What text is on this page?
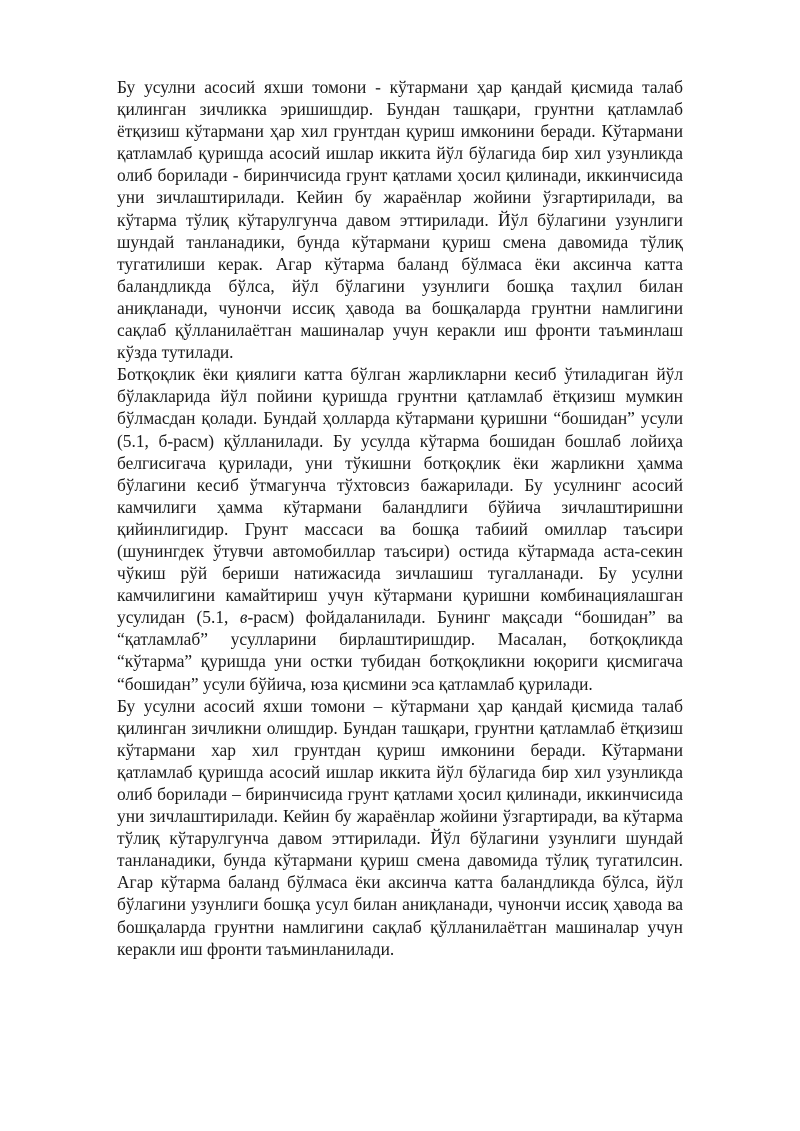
Бу усулни асосий яхши томони - кўтармани ҳар қандай қисмида талаб қилинган зичликка эришишдир. Бундан ташқари, грунтни қатламлаб ётқизиш кўтармани ҳар хил грунтдан қуриш имконини беради. Кўтармани қатламлаб қуришда асосий ишлар иккита йўл бўлагида бир хил узунликда олиб борилади - биринчисида грунт қатлами ҳосил қилинади, иккинчисида уни зичлаштирилади. Кейин бу жараёнлар жойини ўзгартирилади, ва кўтарма тўлиқ кўтарулгунча давом эттирилади. Йўл бўлагини узунлиги шундай танланадики, бунда кўтармани қуриш смена давомида тўлиқ тугатилиши керак. Агар кўтарма баланд бўлмаса ёки аксинча катта баландликда бўлса, йўл бўлагини узунлиги бошқа таҳлил билан аниқланади, чунончи иссиқ ҳавода ва бошқаларда грунтни намлигини сақлаб қўлланилаётган машиналар учун керакли иш фронти таъминлаш кўзда тутилади.

Ботқоқлик ёки қиялиги катта бўлган жарликларни кесиб ўтиладиган йўл бўлакларида йўл пойини қуришда грунтни қатламлаб ётқизиш мумкин бўлмасдан қолади. Бундай ҳолларда кўтармани қуришни “бошидан” усули (5.1, б-расм) қўлланилади. Бу усулда кўтарма бошидан бошлаб лойиҳа белгисигача қурилади, уни тўкишни ботқоқлик ёки жарликни ҳамма бўлагини кесиб ўтмагунча тўхтовсиз бажарилади. Бу усулнинг асосий камчилиги ҳамма кўтармани баландлиги бўйича зичлаштиришни қийинлигидир. Грунт массаси ва бошқа табиий омиллар таъсири (шунингдек ўтувчи автомобиллар таъсири) остида кўтармада аста-секин чўкиш рўй бериши натижасида зичлашиш тугалланади. Бу усулни камчилигини камайтириш учун кўтармани қуришни комбинациялашган усулидан (5.1, в-расм) фойдаланилади. Бунинг мақсади “бошидан” ва “қатламлаб” усулларини бирлаштиришдир. Масалан, ботқоқликда “кўтарма” қуришда уни остки тубидан ботқоқликни юқориги қисмигача “бошидан” усули бўйича, юза қисмини эса қатламлаб қурилади.

Бу усулни асосий яхши томони – кўтармани ҳар қандай қисмида талаб қилинган зичликни олишдир. Бундан ташқари, грунтни қатламлаб ётқизиш кўтармани хар хил грунтдан қуриш имконини беради. Кўтармани қатламлаб қуришда асосий ишлар иккита йўл бўлагида бир хил узунликда олиб борилади – биринчисида грунт қатлами ҳосил қилинади, иккинчисида уни зичлаштирилади. Кейин бу жараёнлар жойини ўзгартиради, ва кўтарма тўлиқ кўтарулгунча давом эттирилади. Йўл бўлагини узунлиги шундай танланадики, бунда кўтармани қуриш смена давомида тўлиқ тугатилсин. Агар кўтарма баланд бўлмаса ёки аксинча катта баландликда бўлса, йўл бўлагини узунлиги бошқа усул билан аниқланади, чунончи иссиқ ҳавода ва бошқаларда грунтни намлигини сақлаб қўлланилаётган машиналар учун керакли иш фронти таъминланилади.
